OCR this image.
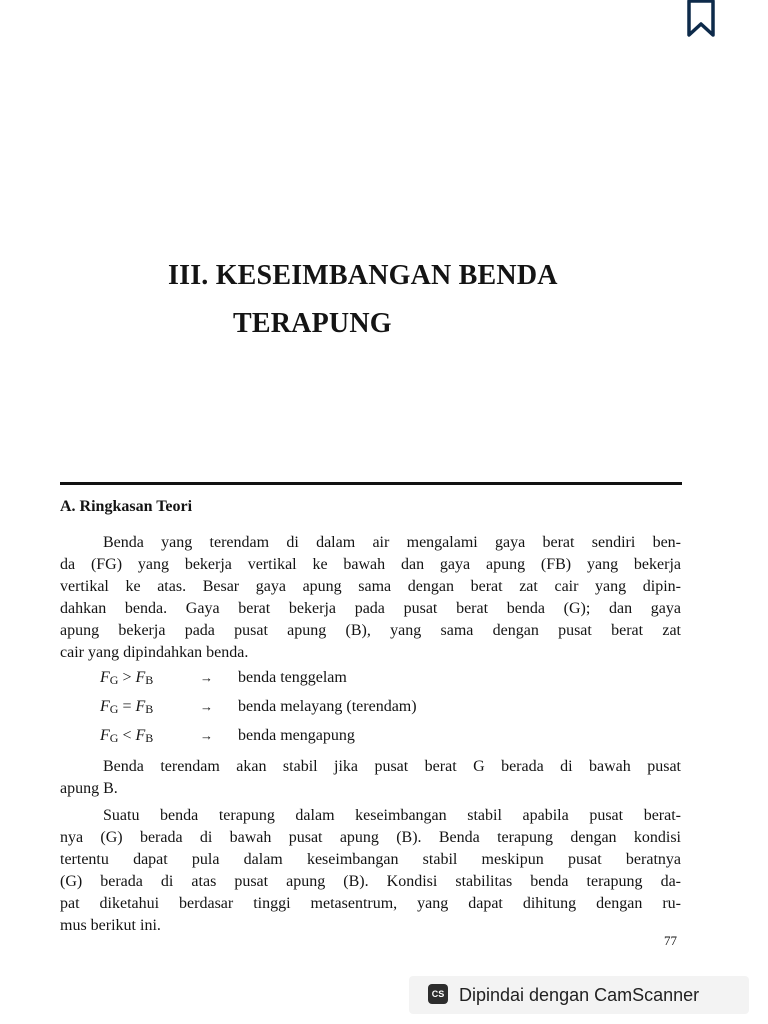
III. KESEIMBANGAN BENDA
TERAPUNG
A. Ringkasan Teori
Benda yang terendam di dalam air mengalami gaya berat sendiri ben-
da (FG) yang bekerja vertikal ke bawah dan gaya apung (FB) yang bekerja
vertikal ke atas. Besar gaya apung sama dengan berat zat cair yang dipin-
dahkan benda. Gaya berat bekerja pada pusat berat benda (G); dan gaya
apung bekerja pada pusat apung (B), yang sama dengan pusat berat zat
cair yang dipindahkan benda.
$F_G > F_B$	→ benda tenggelam
$F_G = F_B$	→ benda melayang (terendam)
$F_G < F_B$	→ benda mengapung
Benda terendam akan stabil jika pusat berat G berada di bawah pusat
apung B.
Suatu benda terapung dalam keseimbangan stabil apabila pusat berat-
nya (G) berada di bawah pusat apung (B). Benda terapung dengan kondisi
tertentu dapat pula dalam keseimbangan stabil meskipun pusat beratnya
(G) berada di atas pusat apung (B). Kondisi stabilitas benda terapung da-
pat diketahui berdasar tinggi metasentrum, yang dapat dihitung dengan ru-
mus berikut ini.
77
CS Dipindai dengan CamScanner
